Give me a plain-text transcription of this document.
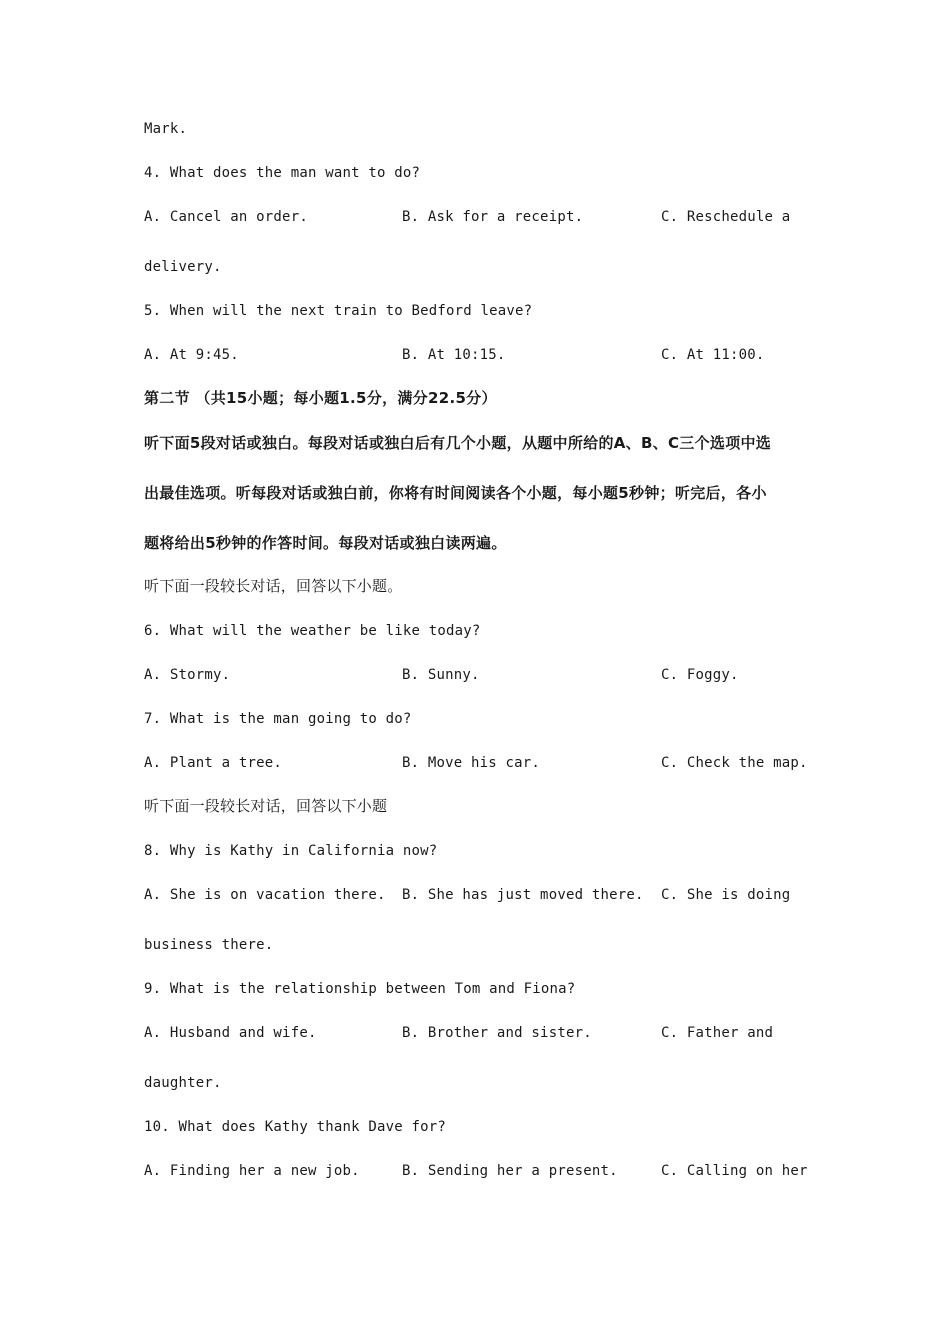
Mark.
4. What does the man want to do?
A. Cancel an order.	B. Ask for a receipt.	C. Reschedule a
delivery.
5. When will the next train to Bedford leave?
A. At 9:45.	B. At 10:15.	C. At 11:00.
第二节 （共15小题；每小题1.5分，满分22.5分）
听下面5段对话或独白。每段对话或独白后有几个小题，从题中所给的A、B、C三个选项中选
出最佳选项。听每段对话或独白前，你将有时间阅读各个小题，每小题5秒钟；听完后，各小
题将给出5秒钟的作答时间。每段对话或独白读两遍。
听下面一段较长对话，回答以下小题。
6. What will the weather be like today?
A. Stormy.	B. Sunny.	C. Foggy.
7. What is the man going to do?
A. Plant a tree.	B. Move his car.	C. Check the map.
听下面一段较长对话，回答以下小题
8. Why is Kathy in California now?
A. She is on vacation there. B. She has just moved there. C. She is doing
business there.
9. What is the relationship between Tom and Fiona?
A. Husband and wife.	B. Brother and sister.	C. Father and
daughter.
10. What does Kathy thank Dave for?
A. Finding her a new job.	B. Sending her a present.	C. Calling on her
